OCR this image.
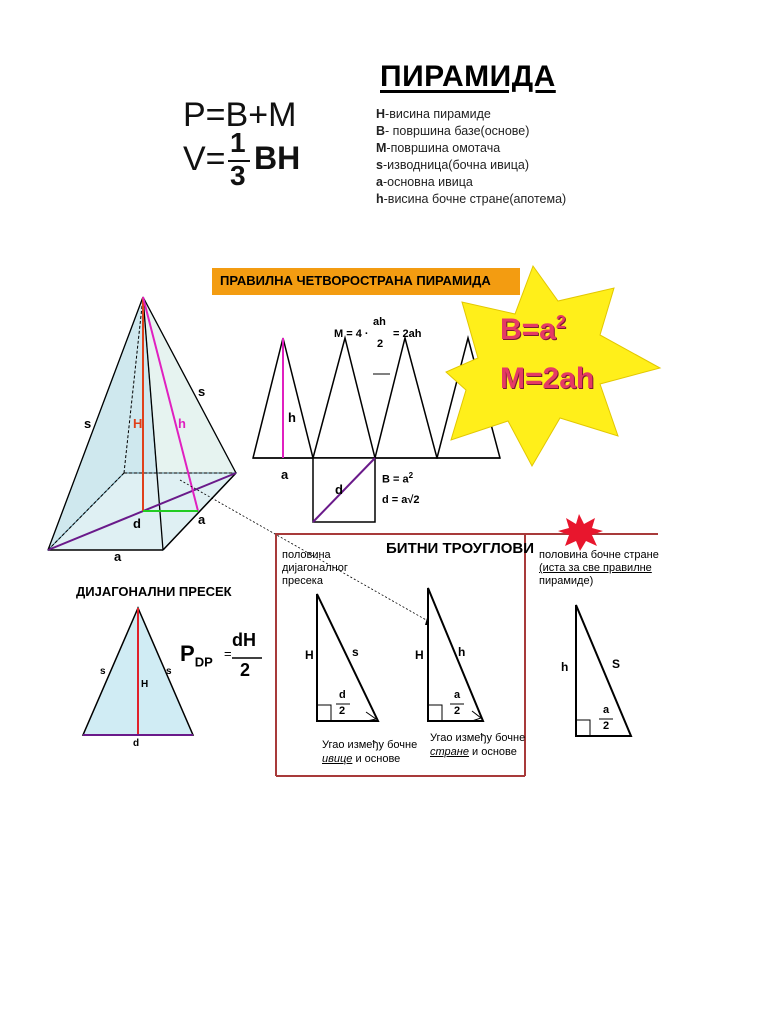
ПИРАМИДА
P=B+M
V= 1
3 BH
H-висина пирамиде
B- површина базе(основе)
M-површина омотача
s-изводница(бочна ивица)
a-основна ивица
h-висина бочне стране(апотема)
ПРАВИЛНА ЧЕТВОРОСТРАНА ПИРАМИДА
s
s
H	h
d
a
a
M = 4 ·
ah
2
= 2ah
h
a
d
$B = a^2$
d = a√2
$B=a^2$
M=2ah
БИТНИ ТРОУГЛОВИ
половина
дијагоналног
пресека
половина бочне стране
(иста за све правилне
пирамиде)
H	s
d
2
Угао између бочне
ивице и основе
H	h
a
2
Угао између бочне
стране и основе
h	S
a
2
ДИЈАГОНАЛНИ ПРЕСЕК
s	s
H
d
$P_{DP}$
=
dH
2
